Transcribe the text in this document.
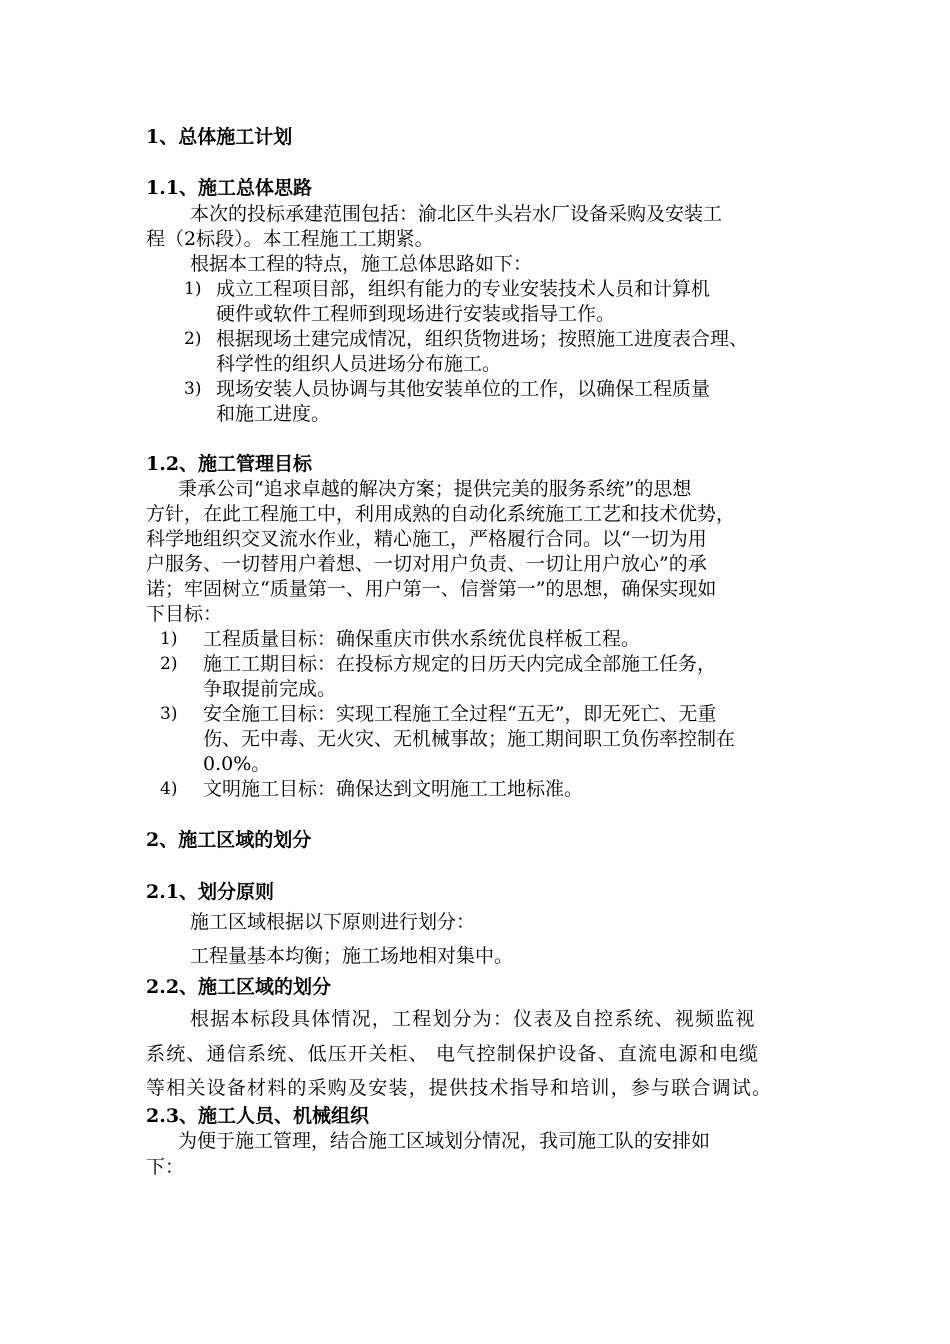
1、总体施工计划
1.1、施工总体思路
本次的投标承建范围包括：渝北区牛头岩水厂设备采购及安装工
程（2标段）。本工程施工工期紧。
根据本工程的特点，施工总体思路如下：
1) 成立工程项目部，组织有能力的专业安装技术人员和计算机
硬件或软件工程师到现场进行安装或指导工作。
2) 根据现场土建完成情况，组织货物进场；按照施工进度表合理、
科学性的组织人员进场分布施工。
3) 现场安装人员协调与其他安装单位的工作，以确保工程质量
和施工进度。
1.2、施工管理目标
秉承公司“追求卓越的解决方案；提供完美的服务系统”的思想
方针，在此工程施工中，利用成熟的自动化系统施工工艺和技术优势，
科学地组织交叉流水作业，精心施工，严格履行合同。以“一切为用
户服务、一切替用户着想、一切对用户负责、一切让用户放心”的承
诺；牢固树立“质量第一、用户第一、信誉第一”的思想，确保实现如
下目标：
1) 工程质量目标：确保重庆市供水系统优良样板工程。
2) 施工工期目标：在投标方规定的日历天内完成全部施工任务，
争取提前完成。
3) 安全施工目标：实现工程施工全过程“五无”，即无死亡、无重
伤、无中毒、无火灾、无机械事故；施工期间职工负伤率控制在
0.0%。
4) 文明施工目标：确保达到文明施工工地标准。
2、施工区域的划分
2.1、划分原则
施工区域根据以下原则进行划分：
工程量基本均衡；施工场地相对集中。
2.2、施工区域的划分
根据本标段具体情况，工程划分为：仪表及自控系统、视频监视
系统、通信系统、低压开关柜、 电气控制保护设备、直流电源和电缆
等相关设备材料的采购及安装，提供技术指导和培训，参与联合调试。
2.3、施工人员、机械组织
为便于施工管理，结合施工区域划分情况，我司施工队的安排如
下：
